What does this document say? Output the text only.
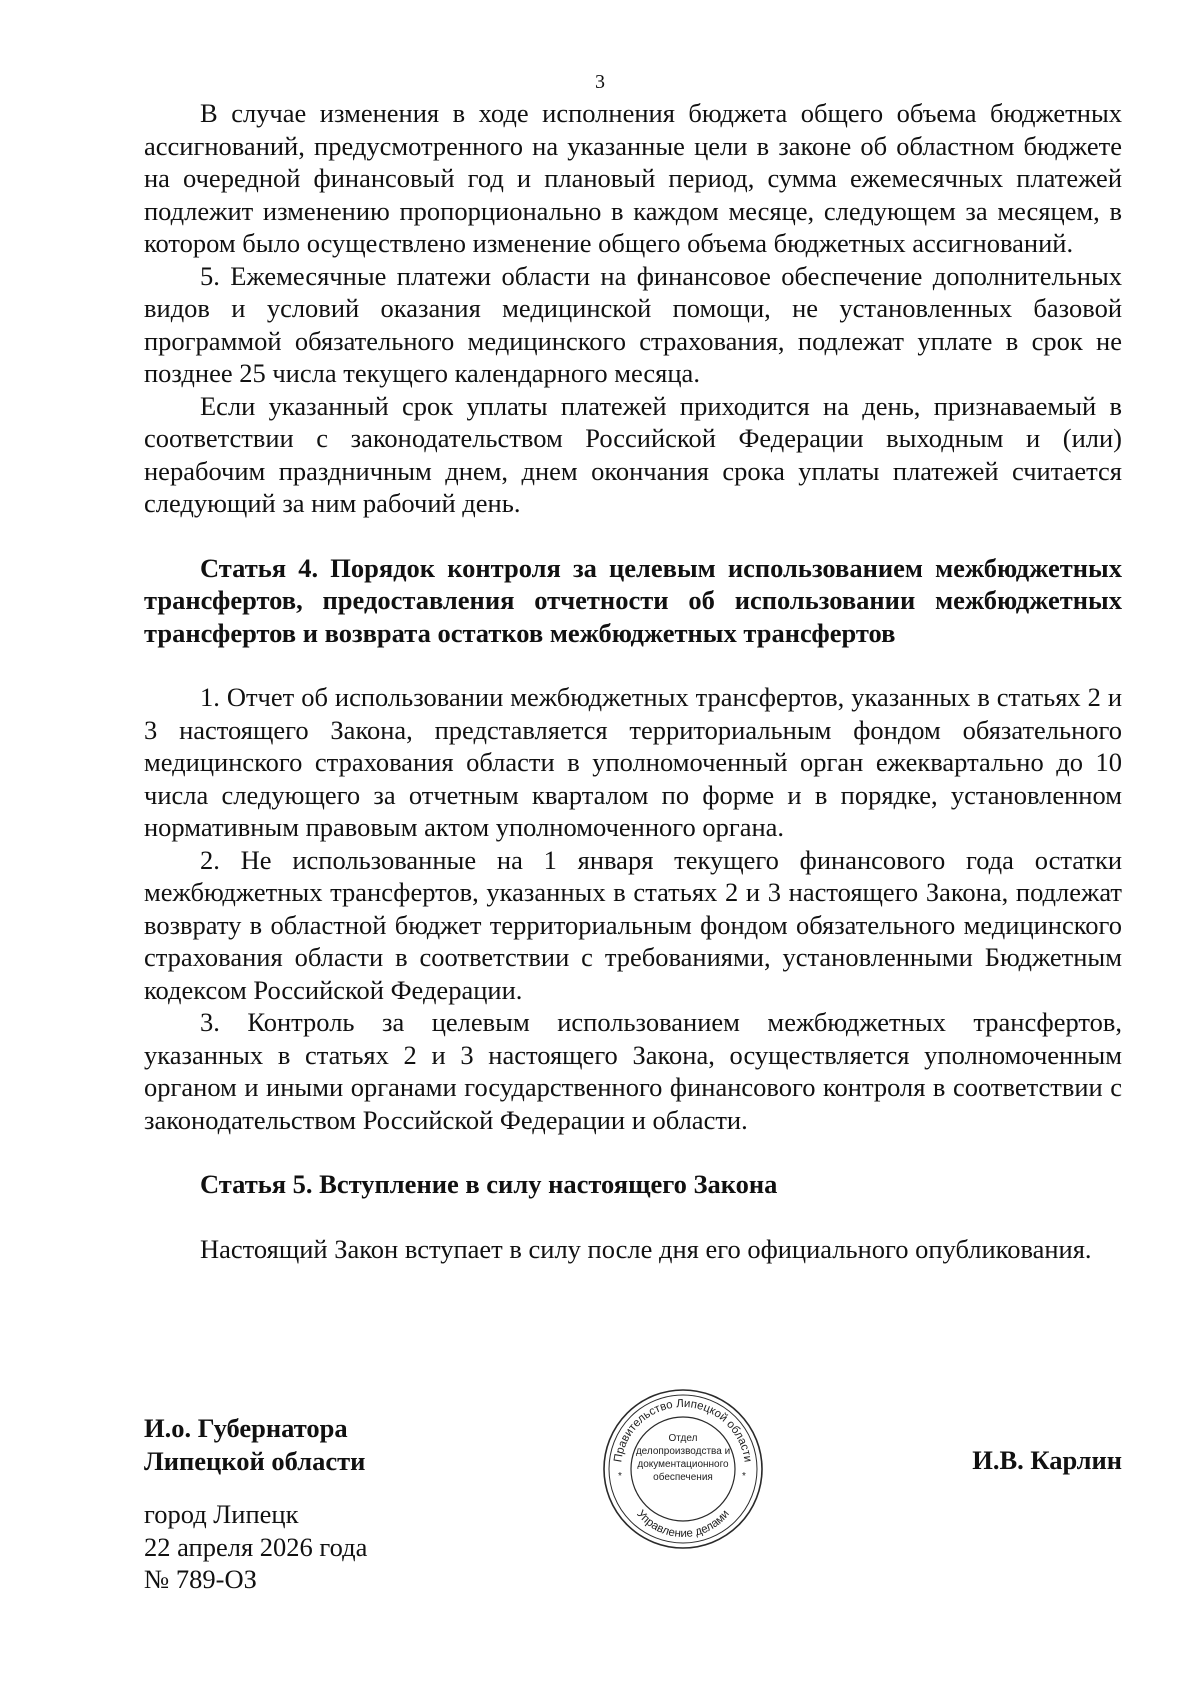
3

В случае изменения в ходе исполнения бюджета общего объема бюджетных ассигнований, предусмотренного на указанные цели в законе об областном бюджете на очередной финансовый год и плановый период, сумма ежемесячных платежей подлежит изменению пропорционально в каждом месяце, следующем за месяцем, в котором было осуществлено изменение общего объема бюджетных ассигнований.

5. Ежемесячные платежи области на финансовое обеспечение дополнительных видов и условий оказания медицинской помощи, не установленных базовой программой обязательного медицинского страхования, подлежат уплате в срок не позднее 25 числа текущего календарного месяца.

Если указанный срок уплаты платежей приходится на день, признаваемый в соответствии с законодательством Российской Федерации выходным и (или) нерабочим праздничным днем, днем окончания срока уплаты платежей считается следующий за ним рабочий день.

Статья 4. Порядок контроля за целевым использованием межбюджетных трансфертов, предоставления отчетности об использовании межбюджетных трансфертов и возврата остатков межбюджетных трансфертов

1. Отчет об использовании межбюджетных трансфертов, указанных в статьях 2 и 3 настоящего Закона, представляется территориальным фондом обязательного медицинского страхования области в уполномоченный орган ежеквартально до 10 числа следующего за отчетным кварталом по форме и в порядке, установленном нормативным правовым актом уполномоченного органа.

2. Не использованные на 1 января текущего финансового года остатки межбюджетных трансфертов, указанных в статьях 2 и 3 настоящего Закона, подлежат возврату в областной бюджет территориальным фондом обязательного медицинского страхования области в соответствии с требованиями, установленными Бюджетным кодексом Российской Федерации.

3. Контроль за целевым использованием межбюджетных трансфертов, указанных в статьях 2 и 3 настоящего Закона, осуществляется уполномоченным органом и иными органами государственного финансового контроля в соответствии с законодательством Российской Федерации и области.

Статья 5. Вступление в силу настоящего Закона

Настоящий Закон вступает в силу после дня его официального опубликования.

И.о. Губернатора
Липецкой области	И.В. Карлин
город Липецк
22 апреля 2026 года
№ 789-ОЗ
Правительство Липецкой области
Управление делами
*	*
Отдел
делопроизводства и
документационного
обеспечения
